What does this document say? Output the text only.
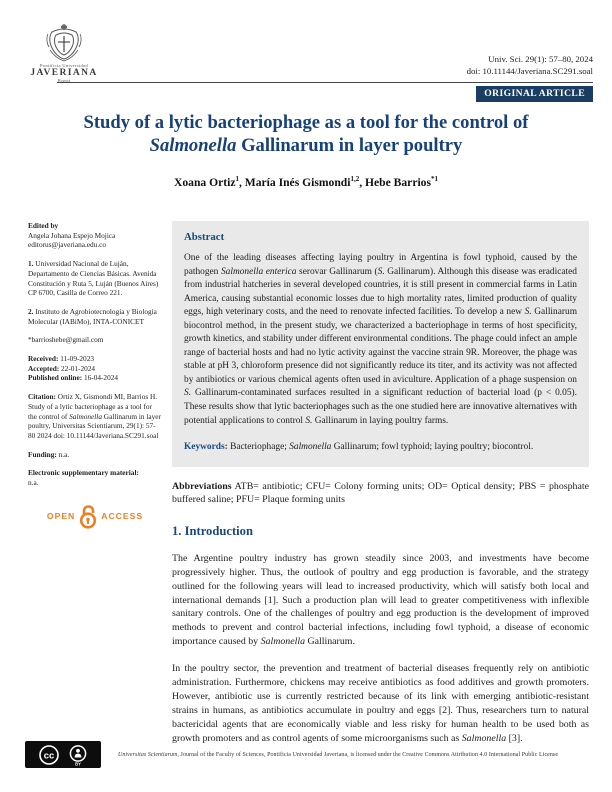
Pontificia Universidad
JAVERIANA
Bogotá
Univ. Sci. 29(1): 57–80, 2024
doi: 10.11144/Javeriana.SC291.soal
ORIGINAL ARTICLE
Study of a lytic bacteriophage as a tool for the control of
Salmonella Gallinarum in layer poultry
Xoana Ortiz$^1$, María Inés Gismondi$^{1,2}$, Hebe Barrios$^{*1}$
Edited by
Angela Johana Espejo Mojica
editorus@javeriana.edu.co
1. Universidad Nacional de Luján, Departamento de Ciencias Básicas. Avenida Constitución y Ruta 5, Luján (Buenos Aires) CP 6700, Casilla de Correo 221.
2. Instituto de Agrobiotecnología y Biología Molecular (IABiMo), INTA-CONICET
*barrioshebe@gmail.com
Received: 11-09-2023
Accepted: 22-01-2024
Published online: 16-04-2024
Citation: Ortiz X, Gismondi MI, Barrios H. Study of a lytic bacteriophage as a tool for the control of Salmonella Gallinarum in layer poultry, Universitas Scientiarum, 29(1): 57-80 2024 doi: 10.11144/Javeriana.SC291.soal
Funding: n.a.
Electronic supplementary material:
n.a.
OPEN	ACCESS
Abstract

One of the leading diseases affecting laying poultry in Argentina is fowl typhoid, caused by the pathogen Salmonella enterica serovar Gallinarum (S. Gallinarum). Although this disease was eradicated from industrial hatcheries in several developed countries, it is still present in commercial farms in Latin America, causing substantial economic losses due to high mortality rates, limited production of quality eggs, high veterinary costs, and the need to renovate infected facilities. To develop a new S. Gallinarum biocontrol method, in the present study, we characterized a bacteriophage in terms of host specificity, growth kinetics, and stability under different environmental conditions. The phage could infect an ample range of bacterial hosts and had no lytic activity against the vaccine strain 9R. Moreover, the phage was stable at pH 3, chloroform presence did not significantly reduce its titer, and its activity was not affected by antibiotics or various chemical agents often used in aviculture. Application of a phage suspension on S. Gallinarum-contaminated surfaces resulted in a significant reduction of bacterial load (p < 0.05). These results show that lytic bacteriophages such as the one studied here are innovative alternatives with potential applications to control S. Gallinarum in laying poultry farms.

Keywords: Bacteriophage; Salmonella Gallinarum; fowl typhoid; laying poultry; biocontrol.

Abbreviations ATB= antibiotic; CFU= Colony forming units; OD= Optical density; PBS = phosphate buffered saline; PFU= Plaque forming units

1. Introduction

The Argentine poultry industry has grown steadily since 2003, and investments have become progressively higher. Thus, the outlook of poultry and egg production is favorable, and the strategy outlined for the following years will lead to increased productivity, which will satisfy both local and international demands [1]. Such a production plan will lead to greater competitiveness with inflexible sanitary controls. One of the challenges of poultry and egg production is the development of improved methods to prevent and control bacterial infections, including fowl typhoid, a disease of economic importance caused by Salmonella Gallinarum.

In the poultry sector, the prevention and treatment of bacterial diseases frequently rely on antibiotic administration. Furthermore, chickens may receive antibiotics as food additives and growth promoters. However, antibiotic use is currently restricted because of its link with emerging antibiotic-resistant strains in humans, as antibiotics accumulate in poultry and eggs [2]. Thus, researchers turn to natural bactericidal agents that are economically viable and less risky for human health to be used both as growth promoters and as control agents of some microorganisms such as Salmonella [3].

cc
BY
Universitas Scientiarum, Journal of the Faculty of Sciences, Pontificia Universidad Javeriana, is licensed under the Creative Commons Attribution 4.0 International Public License
